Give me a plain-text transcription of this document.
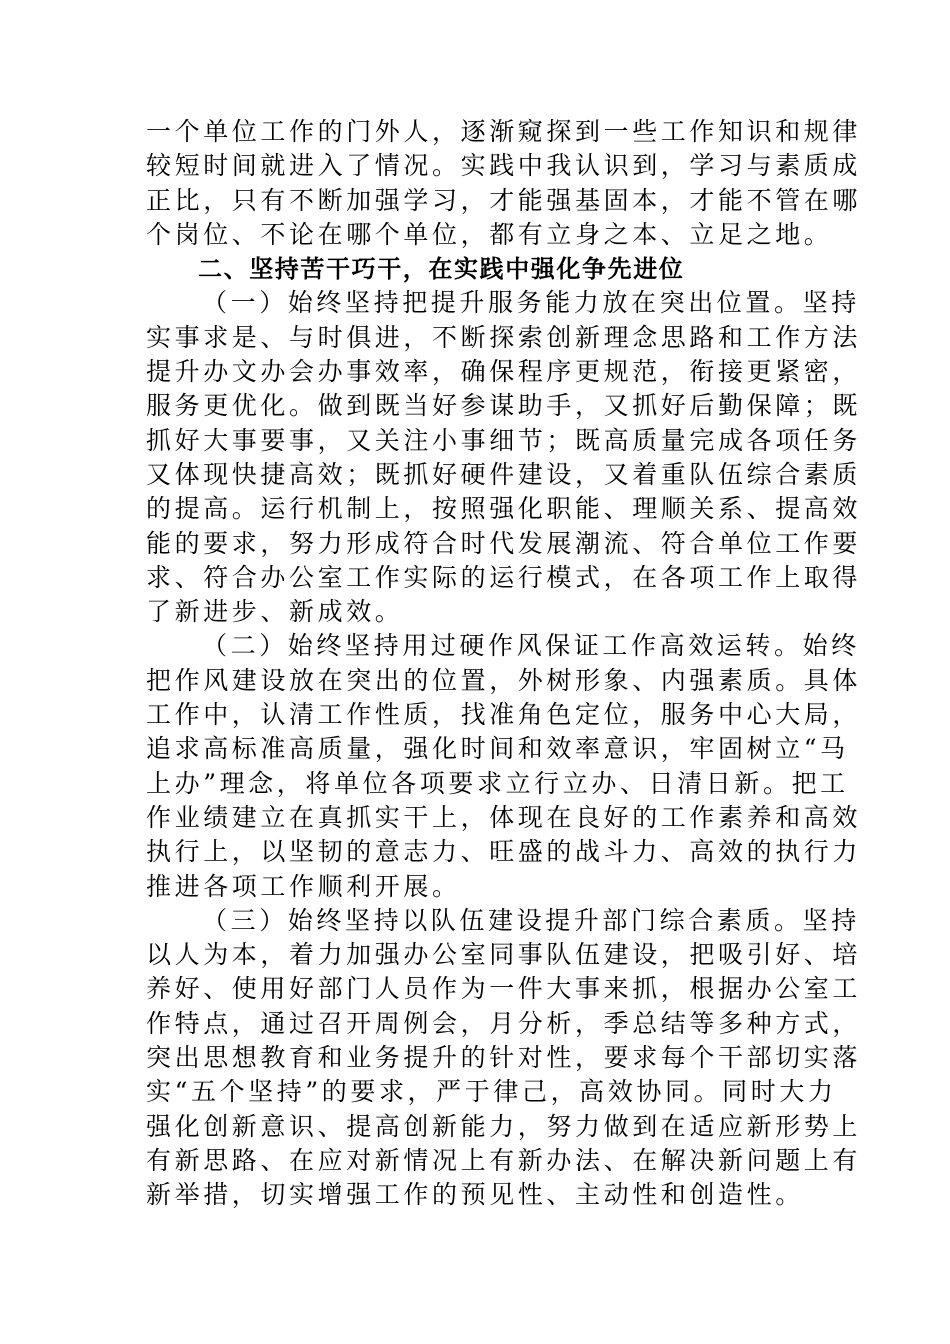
一个单位工作的门外人，逐渐窥探到一些工作知识和规律
较短时间就进入了情况。实践中我认识到，学习与素质成
正比，只有不断加强学习，才能强基固本，才能不管在哪
个岗位、不论在哪个单位，都有立身之本、立足之地。
二、坚持苦干巧干，在实践中强化争先进位
（一）始终坚持把提升服务能力放在突出位置。坚持
实事求是、与时俱进，不断探索创新理念思路和工作方法
提升办文办会办事效率，确保程序更规范，衔接更紧密，
服务更优化。做到既当好参谋助手，又抓好后勤保障；既
抓好大事要事，又关注小事细节；既高质量完成各项任务
又体现快捷高效；既抓好硬件建设，又着重队伍综合素质
的提高。运行机制上，按照强化职能、理顺关系、提高效
能的要求，努力形成符合时代发展潮流、符合单位工作要
求、符合办公室工作实际的运行模式，在各项工作上取得
了新进步、新成效。
（二）始终坚持用过硬作风保证工作高效运转。始终
把作风建设放在突出的位置，外树形象、内强素质。具体
工作中，认清工作性质，找准角色定位，服务中心大局，
追求高标准高质量，强化时间和效率意识，牢固树立“马
上办”理念，将单位各项要求立行立办、日清日新。把工
作业绩建立在真抓实干上，体现在良好的工作素养和高效
执行上，以坚韧的意志力、旺盛的战斗力、高效的执行力
推进各项工作顺利开展。
（三）始终坚持以队伍建设提升部门综合素质。坚持
以人为本，着力加强办公室同事队伍建设，把吸引好、培
养好、使用好部门人员作为一件大事来抓，根据办公室工
作特点，通过召开周例会，月分析，季总结等多种方式，
突出思想教育和业务提升的针对性，要求每个干部切实落
实“五个坚持”的要求，严于律己，高效协同。同时大力
强化创新意识、提高创新能力，努力做到在适应新形势上
有新思路、在应对新情况上有新办法、在解决新问题上有
新举措，切实增强工作的预见性、主动性和创造性。
